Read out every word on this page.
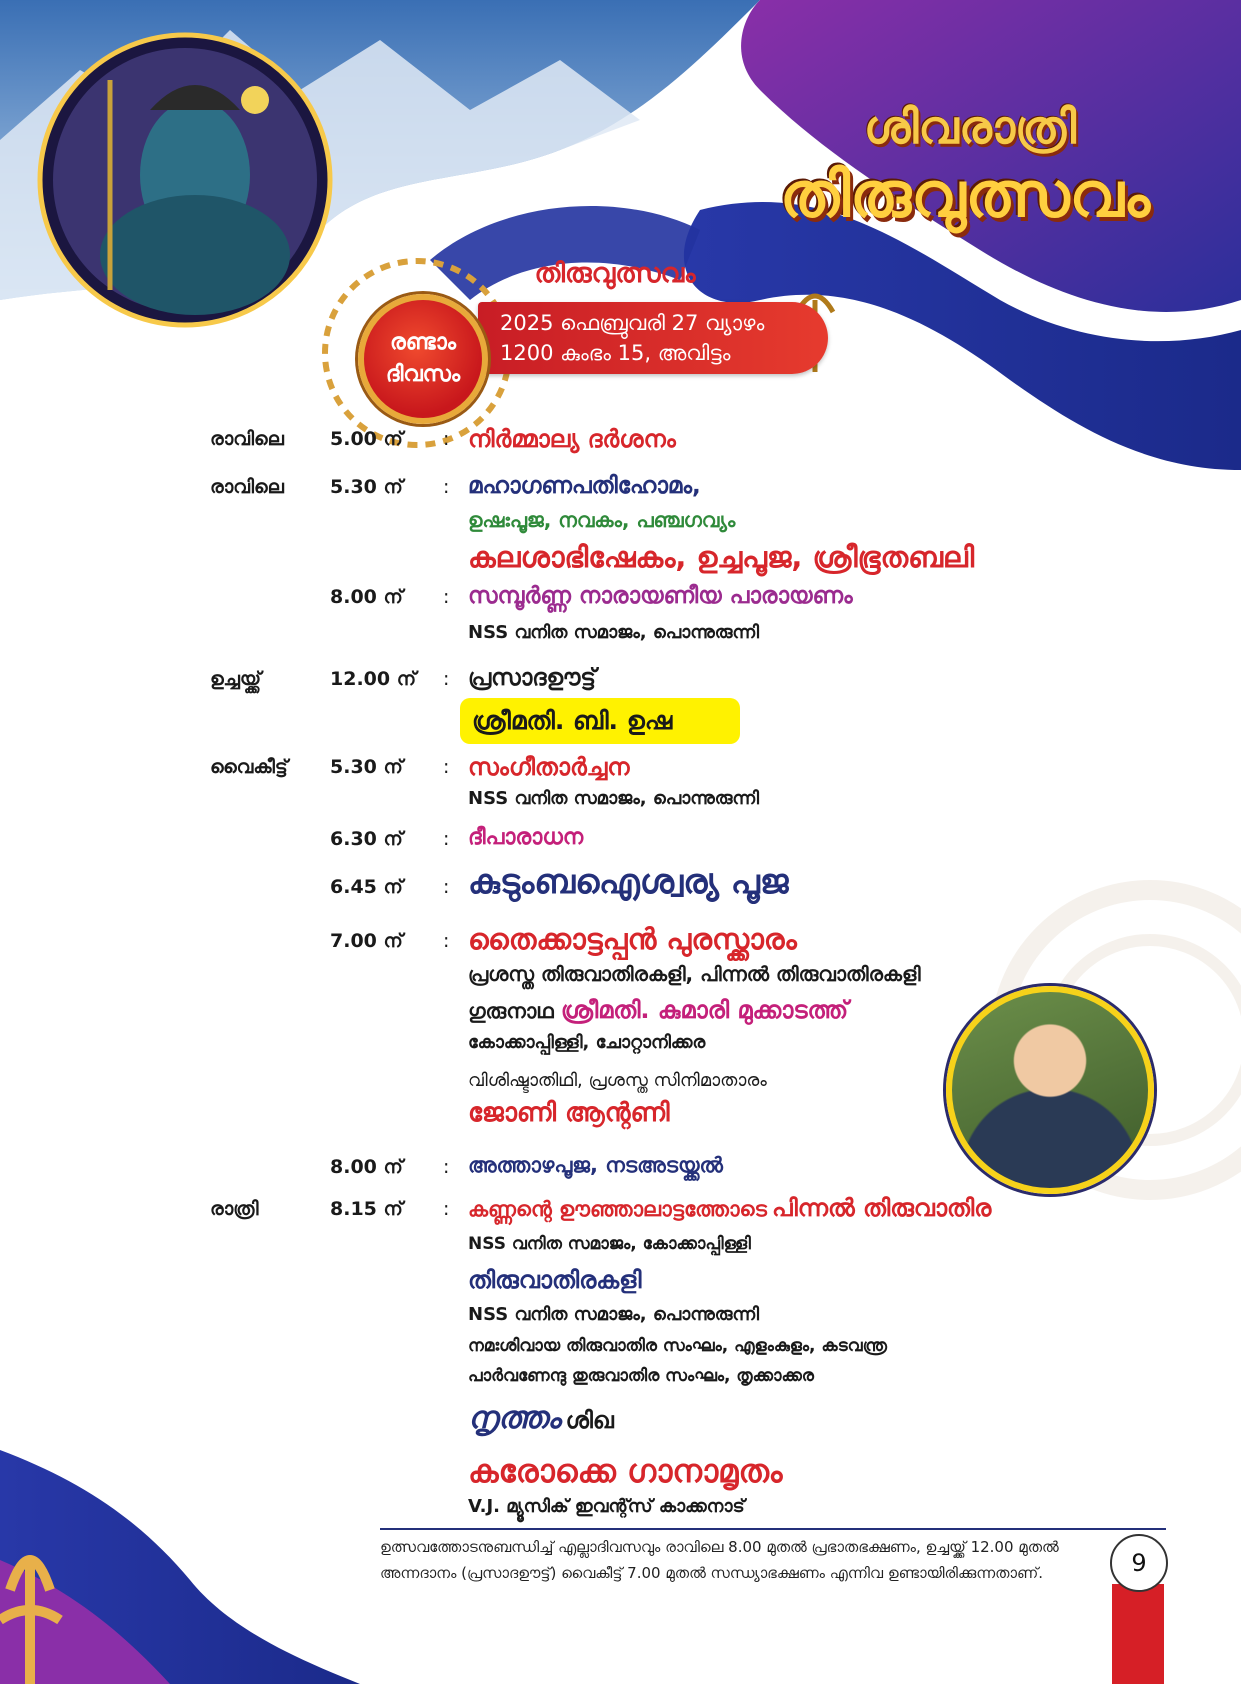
ശിവരാത്രി
തിരുവുത്സവം
തിരുവുത്സവം
2025 ഫെബ്രുവരി 27 വ്യാഴം
1200 കുംഭം 15, അവിട്ടം
രണ്ടാം
ദിവസം
രാവിലെ 5.00 ന് : നിർമ്മാല്യ ദർശനം
രാവിലെ 5.30 ന് : മഹാഗണപതിഹോമം,
ഉഷഃപൂജ, നവകം, പഞ്ചഗവ്യം
കലശാഭിഷേകം, ഉച്ചപൂജ, ശ്രീഭൂതബലി
8.00 ന് : സമ്പൂർണ്ണ നാരായണീയ പാരായണം
NSS വനിത സമാജം, പൊന്നുരുന്നി
ഉച്ചയ്ക്ക്	12.00 ന് : പ്രസാദഊട്ട്
ശ്രീമതി. ബി. ഉഷ
വൈകീട്ട് 5.30 ന് : സംഗീതാർച്ചന
NSS വനിത സമാജം, പൊന്നുരുന്നി
6.30 ന് : ദീപാരാധന
6.45 ന് : കുടുംബഐശ്വര്യ പൂജ
7.00 ന് : തൈക്കാട്ടപ്പൻ പുരസ്ക്കാരം
പ്രശസ്ത തിരുവാതിരകളി, പിന്നൽ തിരുവാതിരകളി
ഗുരുനാഥ ശ്രീമതി. കുമാരി മുക്കാടത്ത്
കോക്കാപ്പിള്ളി, ചോറ്റാനിക്കര
വിശിഷ്ടാതിഥി, പ്രശസ്ത സിനിമാതാരം
ജോണി ആന്റണി
8.00 ന് : അത്താഴപൂജ, നടഅടയ്ക്കൽ
രാത്രി	8.15 ന് : കണ്ണന്റെ ഊഞ്ഞാലാട്ടത്തോടെ പിന്നൽ തിരുവാതിര
NSS വനിത സമാജം, കോക്കാപ്പിള്ളി
തിരുവാതിരകളി
NSS വനിത സമാജം, പൊന്നുരുന്നി
നമഃശിവായ തിരുവാതിര സംഘം, എളംകുളം, കടവന്ത്ര
പാർവണേന്ദു തുരുവാതിര സംഘം, തൃക്കാക്കര
നൃത്തം ശിഖ
കരോക്കെ ഗാനാമൃതം
V.J. മ്യൂസിക് ഇവന്റ്സ് കാക്കനാട്
ഉത്സവത്തോടനുബന്ധിച്ച് എല്ലാദിവസവും രാവിലെ 8.00 മുതൽ പ്രഭാതഭക്ഷണം, ഉച്ചയ്ക്ക് 12.00 മുതൽ
അന്നദാനം (പ്രസാദഊട്ട്) വൈകീട്ട് 7.00 മുതൽ സന്ധ്യാഭക്ഷണം എന്നിവ ഉണ്ടായിരിക്കുന്നതാണ്.	9
